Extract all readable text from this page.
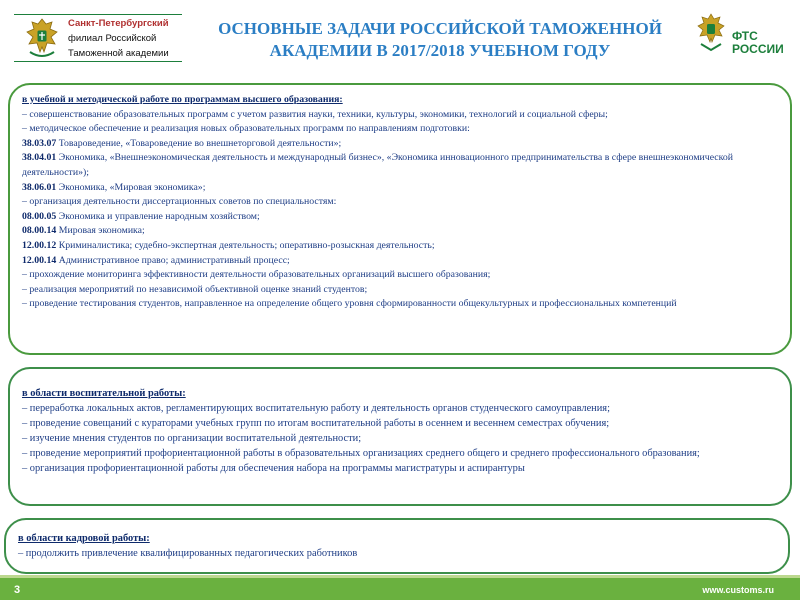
Санкт-Петербургский
филиал Российской
Таможенной академии
ОСНОВНЫЕ ЗАДАЧИ РОССИЙСКОЙ ТАМОЖЕННОЙ
АКАДЕМИИ В 2017/2018 УЧЕБНОМ ГОДУ
ФТС
РОССИИ
в учебной и методической работе по программам высшего образования:
– совершенствование образовательных программ с учетом развития науки, техники, культуры, экономики, технологий и социальной сферы;
– методическое обеспечение и реализация новых образовательных программ по направлениям подготовки:
38.03.07 Товароведение, «Товароведение во внешнеторговой деятельности»;
38.04.01 Экономика, «Внешнеэкономическая деятельность и международный бизнес», «Экономика инновационного предпринимательства в сфере внешнеэкономической деятельности»);
38.06.01 Экономика, «Мировая экономика»;
– организация деятельности диссертационных советов по специальностям:
08.00.05 Экономика и управление народным хозяйством;
08.00.14 Мировая экономика;
12.00.12 Криминалистика; судебно-экспертная деятельность; оперативно-розыскная деятельность;
12.00.14 Административное право; административный процесс;
– прохождение мониторинга эффективности деятельности образовательных организаций высшего образования;
– реализация мероприятий по независимой объективной оценке знаний студентов;
– проведение тестирования студентов, направленное на определение общего уровня сформированности общекультурных и профессиональных компетенций
в области воспитательной работы:
– переработка локальных актов, регламентирующих воспитательную работу и деятельность органов студенческого самоуправления;
– проведение совещаний с кураторами учебных групп по итогам воспитательной работы в осеннем и весеннем семестрах обучения;
– изучение мнения студентов по организации воспитательной деятельности;
– проведение мероприятий профориентационной работы в образовательных организациях среднего общего и среднего профессионального образования;
– организация профориентационной работы для обеспечения набора на программы магистратуры и аспирантуры
в области кадровой работы:
– продолжить привлечение квалифицированных педагогических работников
3	www.customs.ru
